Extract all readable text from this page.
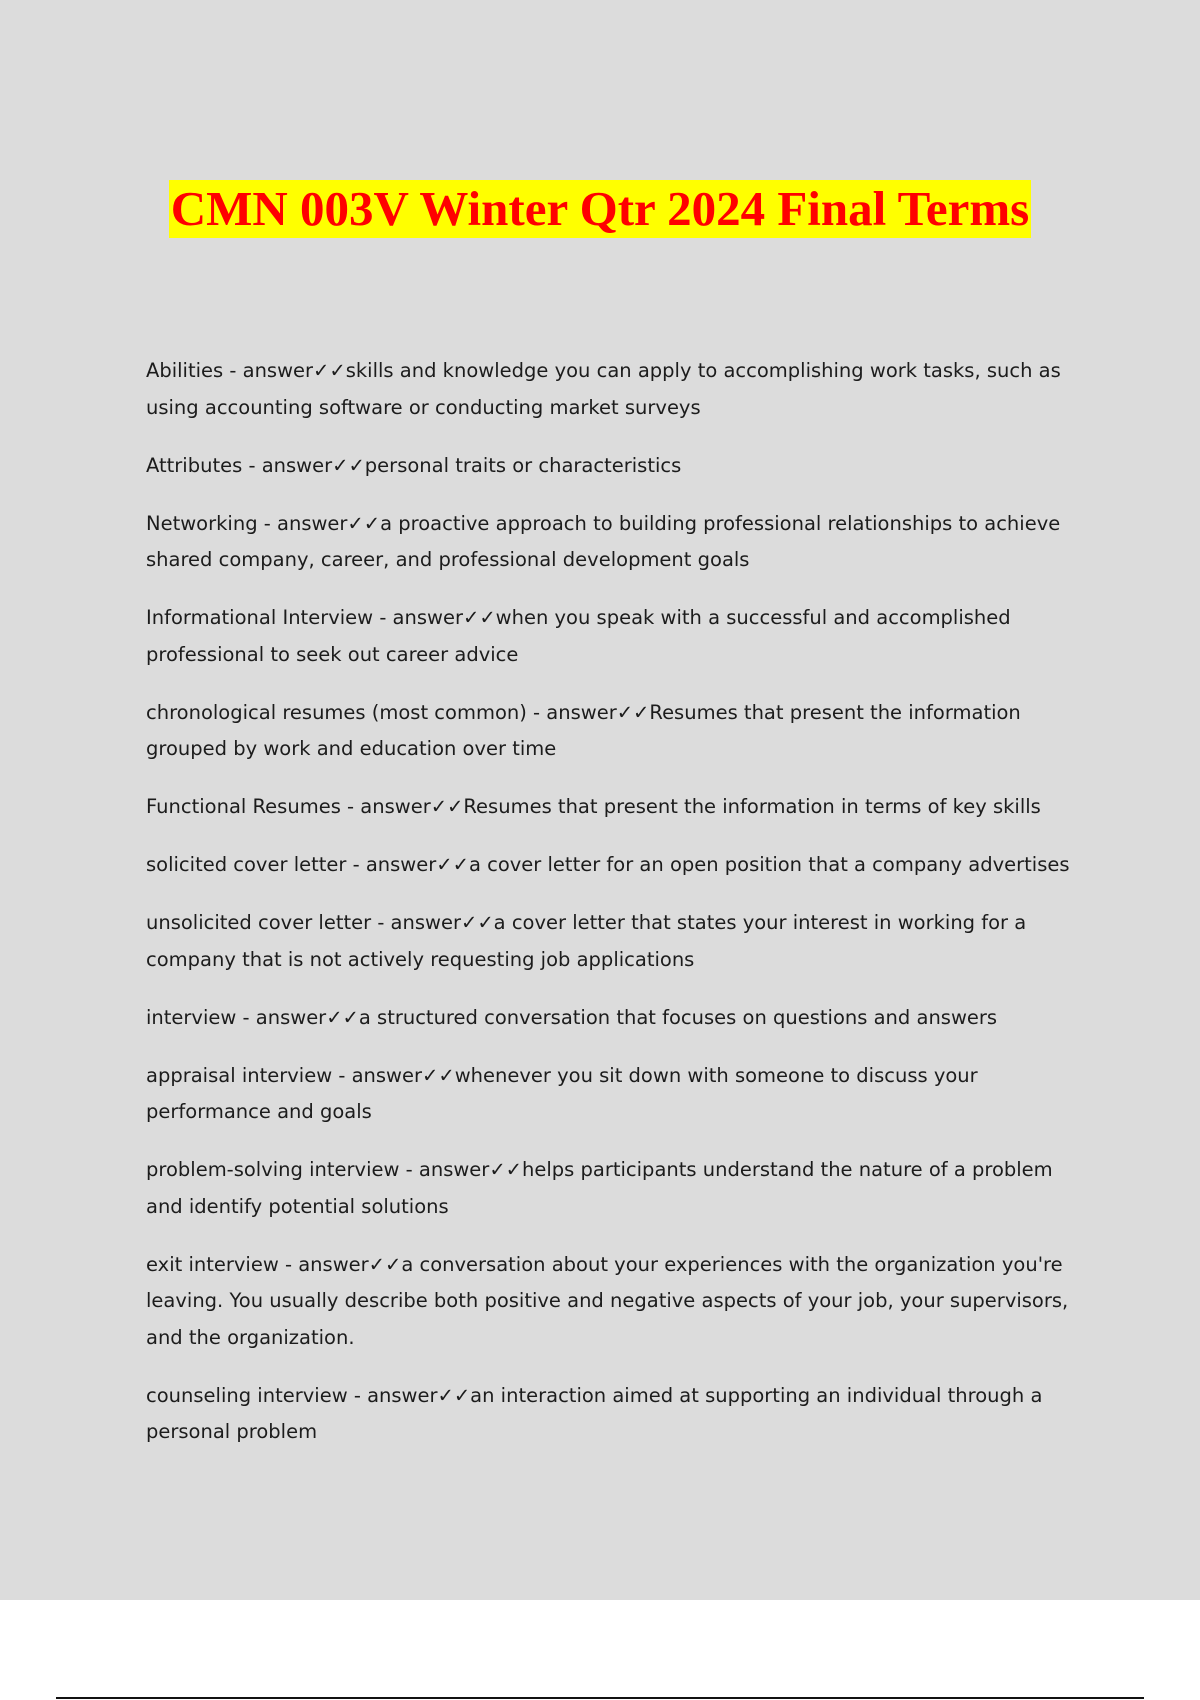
CMN 003V Winter Qtr 2024 Final Terms
Abilities - answer✓✓skills and knowledge you can apply to accomplishing work tasks, such as using accounting software or conducting market surveys
Attributes - answer✓✓personal traits or characteristics
Networking - answer✓✓a proactive approach to building professional relationships to achieve shared company, career, and professional development goals
Informational Interview - answer✓✓when you speak with a successful and accomplished professional to seek out career advice
chronological resumes (most common) - answer✓✓Resumes that present the information grouped by work and education over time
Functional Resumes - answer✓✓Resumes that present the information in terms of key skills
solicited cover letter - answer✓✓a cover letter for an open position that a company advertises
unsolicited cover letter - answer✓✓a cover letter that states your interest in working for a company that is not actively requesting job applications
interview - answer✓✓a structured conversation that focuses on questions and answers
appraisal interview - answer✓✓whenever you sit down with someone to discuss your performance and goals
problem-solving interview - answer✓✓helps participants understand the nature of a problem and identify potential solutions
exit interview - answer✓✓a conversation about your experiences with the organization you're leaving. You usually describe both positive and negative aspects of your job, your supervisors, and the organization.
counseling interview - answer✓✓an interaction aimed at supporting an individual through a personal problem
